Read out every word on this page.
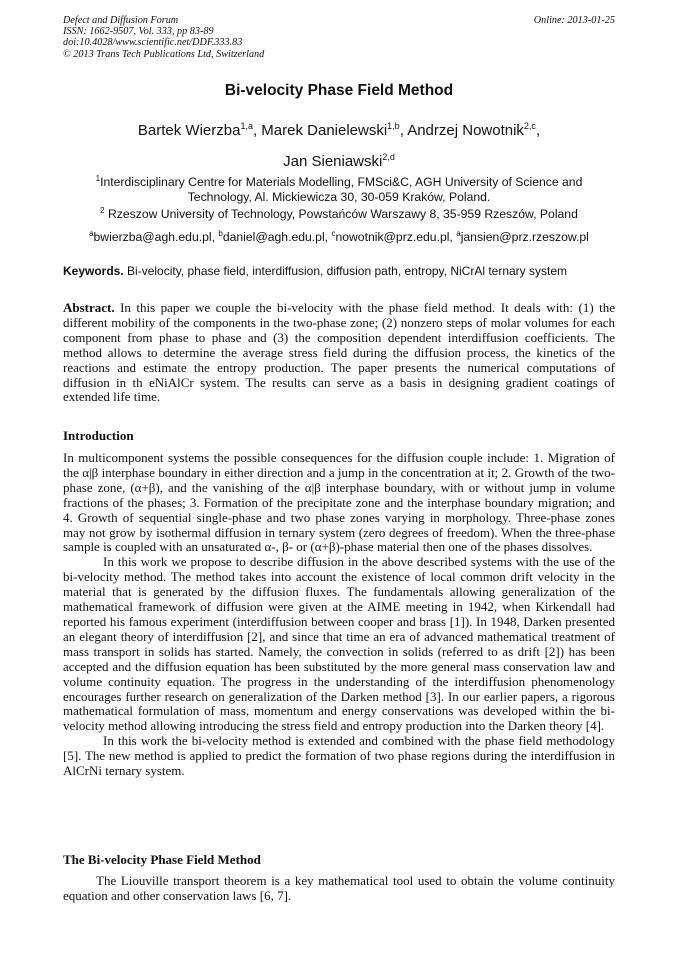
Defect and Diffusion Forum
ISSN: 1662-9507, Vol. 333, pp 83-89
doi:10.4028/www.scientific.net/DDF.333.83
© 2013 Trans Tech Publications Ltd, Switzerland
Online: 2013-01-25
Bi-velocity Phase Field Method
Bartek Wierzba$^{1,a}$, Marek Danielewski$^{1,b}$, Andrzej Nowotnik$^{2,c}$,
Jan Sieniawski$^{2,d}$
$^1$Interdisciplinary Centre for Materials Modelling, FMSci&C, AGH University of Science and
Technology, Al. Mickiewicza 30, 30-059 Kraków, Poland.
$^2$ Rzeszow University of Technology, Powstańców Warszawy 8, 35-959 Rzeszów, Poland
$^a$bwierzba@agh.edu.pl, $^b$daniel@agh.edu.pl, $^c$nowotnik@prz.edu.pl, $^a$jansien@prz.rzeszow.pl
Keywords. Bi-velocity, phase field, interdiffusion, diffusion path, entropy, NiCrAl ternary system
Abstract. In this paper we couple the bi-velocity with the phase field method. It deals with: (1) the different mobility of the components in the two-phase zone; (2) nonzero steps of molar volumes for each component from phase to phase and (3) the composition dependent interdiffusion coefficients. The method allows to determine the average stress field during the diffusion process, the kinetics of the reactions and estimate the entropy production. The paper presents the numerical computations of diffusion in th eNiAlCr system. The results can serve as a basis in designing gradient coatings of extended life time.
Introduction

In multicomponent systems the possible consequences for the diffusion couple include: 1. Migration of the α|β interphase boundary in either direction and a jump in the concentration at it; 2. Growth of the two-phase zone, (α+β), and the vanishing of the α|β interphase boundary, with or without jump in volume fractions of the phases; 3. Formation of the precipitate zone and the interphase boundary migration; and 4. Growth of sequential single-phase and two phase zones varying in morphology. Three-phase zones may not grow by isothermal diffusion in ternary system (zero degrees of freedom). When the three-phase sample is coupled with an unsaturated α-, β- or (α+β)-phase material then one of the phases dissolves.

In this work we propose to describe diffusion in the above described systems with the use of the bi-velocity method. The method takes into account the existence of local common drift velocity in the material that is generated by the diffusion fluxes. The fundamentals allowing generalization of the mathematical framework of diffusion were given at the AIME meeting in 1942, when Kirkendall had reported his famous experiment (interdiffusion between cooper and brass [1]). In 1948, Darken presented an elegant theory of interdiffusion [2], and since that time an era of advanced mathematical treatment of mass transport in solids has started. Namely, the convection in solids (referred to as drift [2]) has been accepted and the diffusion equation has been substituted by the more general mass conservation law and volume continuity equation. The progress in the understanding of the interdiffusion phenomenology encourages further research on generalization of the Darken method [3]. In our earlier papers, a rigorous mathematical formulation of mass, momentum and energy conservations was developed within the bi-velocity method allowing introducing the stress field and entropy production into the Darken theory [4].

In this work the bi-velocity method is extended and combined with the phase field methodology [5]. The new method is applied to predict the formation of two phase regions during the interdiffusion in AlCrNi ternary system.

The Bi-velocity Phase Field Method

The Liouville transport theorem is a key mathematical tool used to obtain the volume continuity equation and other conservation laws [6, 7].
